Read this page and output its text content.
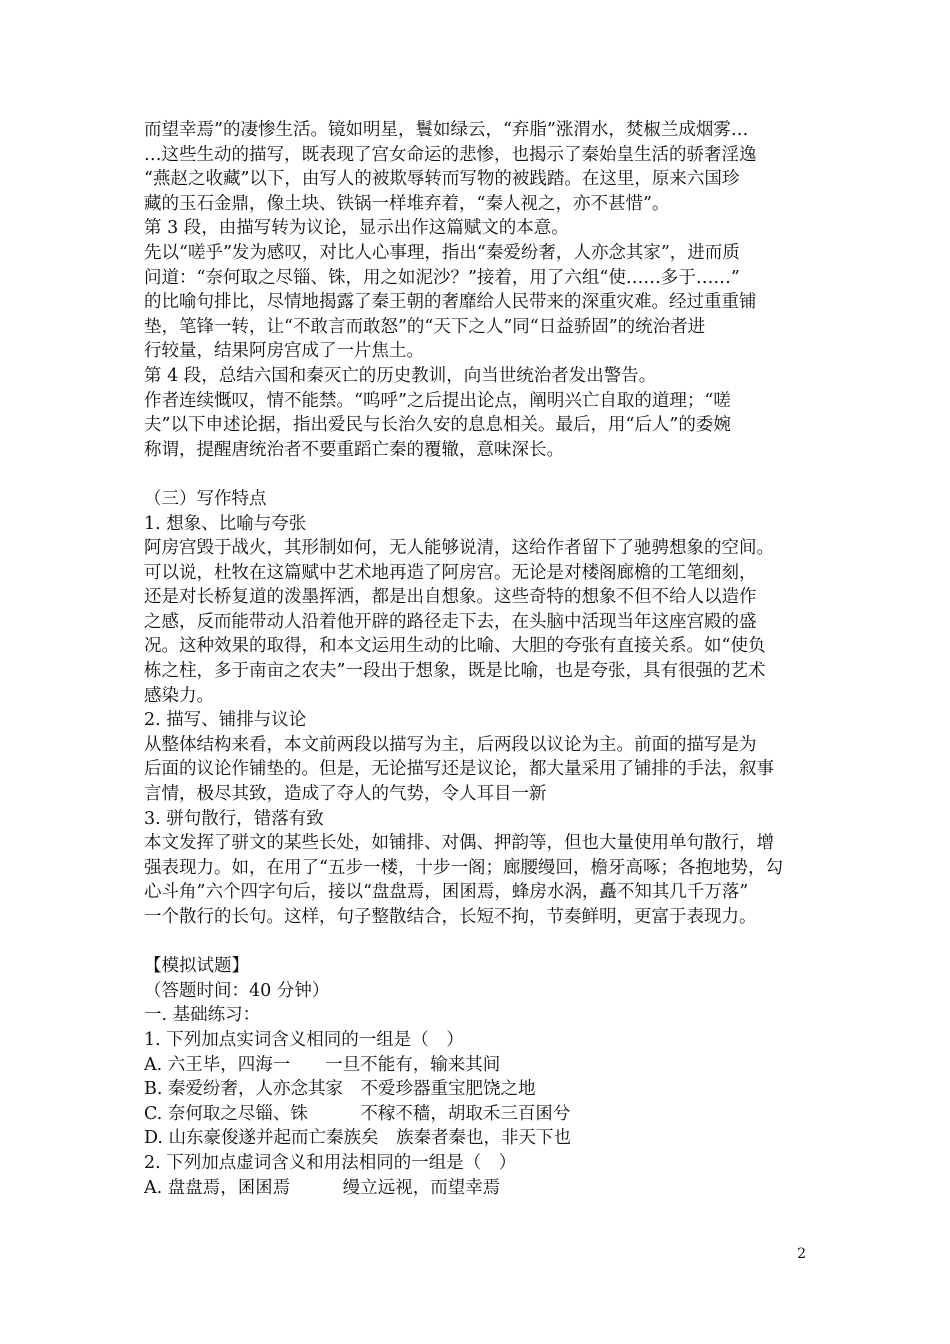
而望幸焉”的凄惨生活。镜如明星，鬟如绿云，“弃脂”涨渭水，焚椒兰成烟雾…
…这些生动的描写，既表现了宫女命运的悲惨，也揭示了秦始皇生活的骄奢淫逸
“燕赵之收藏”以下，由写人的被欺辱转而写物的被践踏。在这里，原来六国珍
藏的玉石金鼎，像土块、铁锅一样堆弃着，“秦人视之，亦不甚惜”。
第 3 段，由描写转为议论，显示出作这篇赋文的本意。
先以“嗟乎”发为感叹，对比人心事理，指出“秦爱纷奢，人亦念其家”，进而质
问道：“奈何取之尽锱、铢，用之如泥沙？”接着，用了六组“使……多于……”
的比喻句排比，尽情地揭露了秦王朝的奢靡给人民带来的深重灾难。经过重重铺
垫，笔锋一转，让“不敢言而敢怒”的“天下之人”同“日益骄固”的统治者进
行较量，结果阿房宫成了一片焦土。
第 4 段，总结六国和秦灭亡的历史教训，向当世统治者发出警告。
作者连续慨叹，情不能禁。“呜呼”之后提出论点，阐明兴亡自取的道理；“嗟
夫”以下申述论据，指出爱民与长治久安的息息相关。最后，用“后人”的委婉
称谓，提醒唐统治者不要重蹈亡秦的覆辙，意味深长。
（三）写作特点
1. 想象、比喻与夸张
阿房宫毁于战火，其形制如何，无人能够说清，这给作者留下了驰骋想象的空间。
可以说，杜牧在这篇赋中艺术地再造了阿房宫。无论是对楼阁廊檐的工笔细刻，
还是对长桥复道的泼墨挥洒，都是出自想象。这些奇特的想象不但不给人以造作
之感，反而能带动人沿着他开辟的路径走下去，在头脑中活现当年这座宫殿的盛
况。这种效果的取得，和本文运用生动的比喻、大胆的夸张有直接关系。如“使负
栋之柱，多于南亩之农夫”一段出于想象，既是比喻，也是夸张，具有很强的艺术
感染力。
2. 描写、铺排与议论
从整体结构来看，本文前两段以描写为主，后两段以议论为主。前面的描写是为
后面的议论作铺垫的。但是，无论描写还是议论，都大量采用了铺排的手法，叙事
言情，极尽其致，造成了夺人的气势，令人耳目一新
3. 骈句散行，错落有致
本文发挥了骈文的某些长处，如铺排、对偶、押韵等，但也大量使用单句散行，增
强表现力。如，在用了“五步一楼，十步一阁；廊腰缦回，檐牙高啄；各抱地势，勾
心斗角”六个四字句后，接以“盘盘焉，囷囷焉，蜂房水涡，矗不知其几千万落”
一个散行的长句。这样，句子整散结合，长短不拘，节奏鲜明，更富于表现力。
【模拟试题】
（答题时间：40 分钟）
一. 基础练习：
1. 下列加点实词含义相同的一组是（　）
A. 六王毕，四海一　　一旦不能有，输来其间
B. 秦爱纷奢，人亦念其家　不爱珍器重宝肥饶之地
C. 奈何取之尽锱、铢　　　不稼不穑，胡取禾三百囷兮
D. 山东豪俊遂并起而亡秦族矣　族秦者秦也，非天下也
2. 下列加点虚词含义和用法相同的一组是（　）
A. 盘盘焉，囷囷焉　　　缦立远视，而望幸焉
2
